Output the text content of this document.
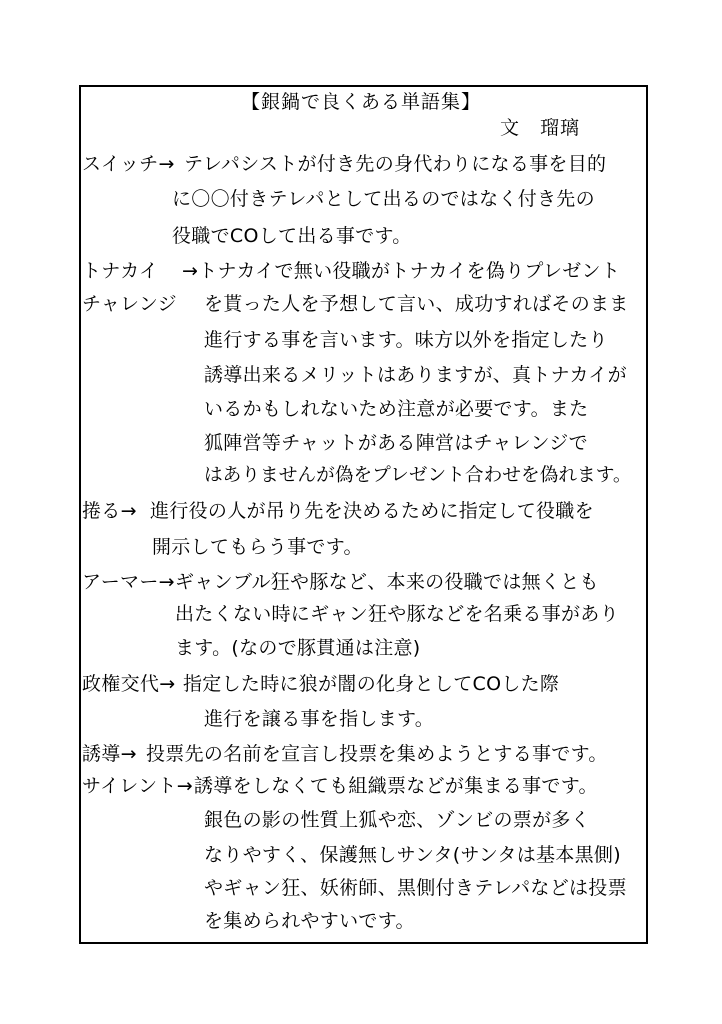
【銀鍋で良くある単語集】
文　瑠璃
スイッチ→ テレパシストが付き先の身代わりになる事を目的
に〇〇付きテレパとして出るのではなく付き先の
役職でCOして出る事です。
トナカイ
チャレンジ
→トナカイで無い役職がトナカイを偽りプレゼント
を貰った人を予想して言い、成功すればそのまま
進行する事を言います。味方以外を指定したり
誘導出来るメリットはありますが、真トナカイが
いるかもしれないため注意が必要です。また
狐陣営等チャットがある陣営はチャレンジで
はありませんが偽をプレゼント合わせを偽れます。
捲る→ 進行役の人が吊り先を決めるために指定して役職を
開示してもらう事です。
アーマー→ ギャンブル狂や豚など、本来の役職では無くとも
出たくない時にギャン狂や豚などを名乗る事があり
ます。(なので豚貫通は注意)
政権交代→ 指定した時に狼が闇の化身としてCOした際
進行を譲る事を指します。
誘導→ 投票先の名前を宣言し投票を集めようとする事です。
サイレント→ 誘導をしなくても組織票などが集まる事です。
銀色の影の性質上狐や恋、ゾンビの票が多く
なりやすく、保護無しサンタ(サンタは基本黒側)
やギャン狂、妖術師、黒側付きテレパなどは投票
を集められやすいです。
